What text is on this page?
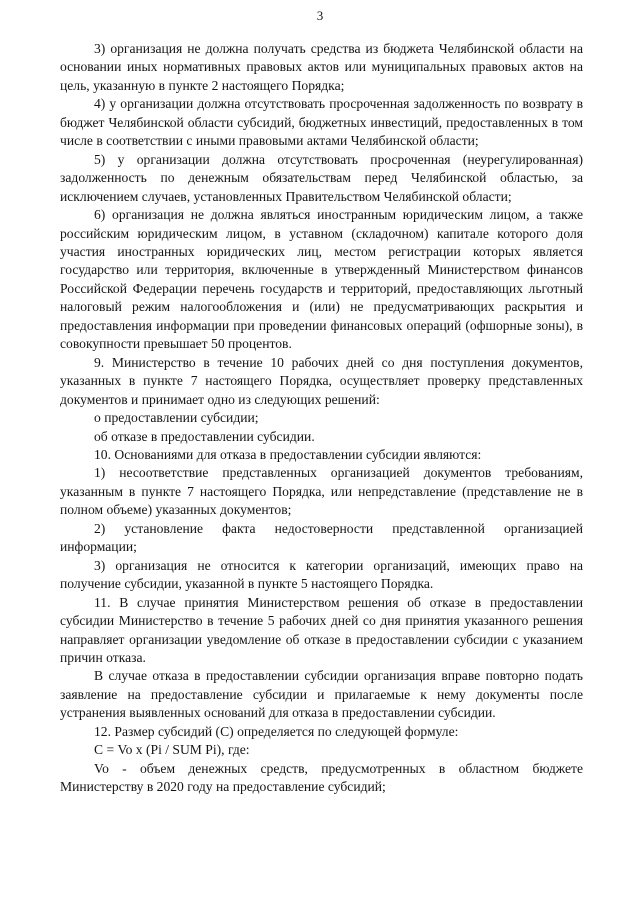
3

3) организация не должна получать средства из бюджета Челябинской области на основании иных нормативных правовых актов или муниципальных правовых актов на цель, указанную в пункте 2 настоящего Порядка;

4) у организации должна отсутствовать просроченная задолженность по возврату в бюджет Челябинской области субсидий, бюджетных инвестиций, предоставленных в том числе в соответствии с иными правовыми актами Челябинской области;

5) у организации должна отсутствовать просроченная (неурегулированная) задолженность по денежным обязательствам перед Челябинской областью, за исключением случаев, установленных Правительством Челябинской области;

6) организация не должна являться иностранным юридическим лицом, а также российским юридическим лицом, в уставном (складочном) капитале которого доля участия иностранных юридических лиц, местом регистрации которых является государство или территория, включенные в утвержденный Министерством финансов Российской Федерации перечень государств и территорий, предоставляющих льготный налоговый режим налогообложения и (или) не предусматривающих раскрытия и предоставления информации при проведении финансовых операций (офшорные зоны), в совокупности превышает 50 процентов.

9. Министерство в течение 10 рабочих дней со дня поступления документов, указанных в пункте 7 настоящего Порядка, осуществляет проверку представленных документов и принимает одно из следующих решений:

о предоставлении субсидии;

об отказе в предоставлении субсидии.

10. Основаниями для отказа в предоставлении субсидии являются:

1) несоответствие представленных организацией документов требованиям, указанным в пункте 7 настоящего Порядка, или непредставление (представление не в полном объеме) указанных документов;

2) установление факта недостоверности представленной организацией информации;

3) организация не относится к категории организаций, имеющих право на получение субсидии, указанной в пункте 5 настоящего Порядка.

11. В случае принятия Министерством решения об отказе в предоставлении субсидии Министерство в течение 5 рабочих дней со дня принятия указанного решения направляет организации уведомление об отказе в предоставлении субсидии с указанием причин отказа.

В случае отказа в предоставлении субсидии организация вправе повторно подать заявление на предоставление субсидии и прилагаемые к нему документы после устранения выявленных оснований для отказа в предоставлении субсидии.

12. Размер субсидий (С) определяется по следующей формуле:

С = Vo x (Pi / SUM Pi), где:

Vo - объем денежных средств, предусмотренных в областном бюджете Министерству в 2020 году на предоставление субсидий;
